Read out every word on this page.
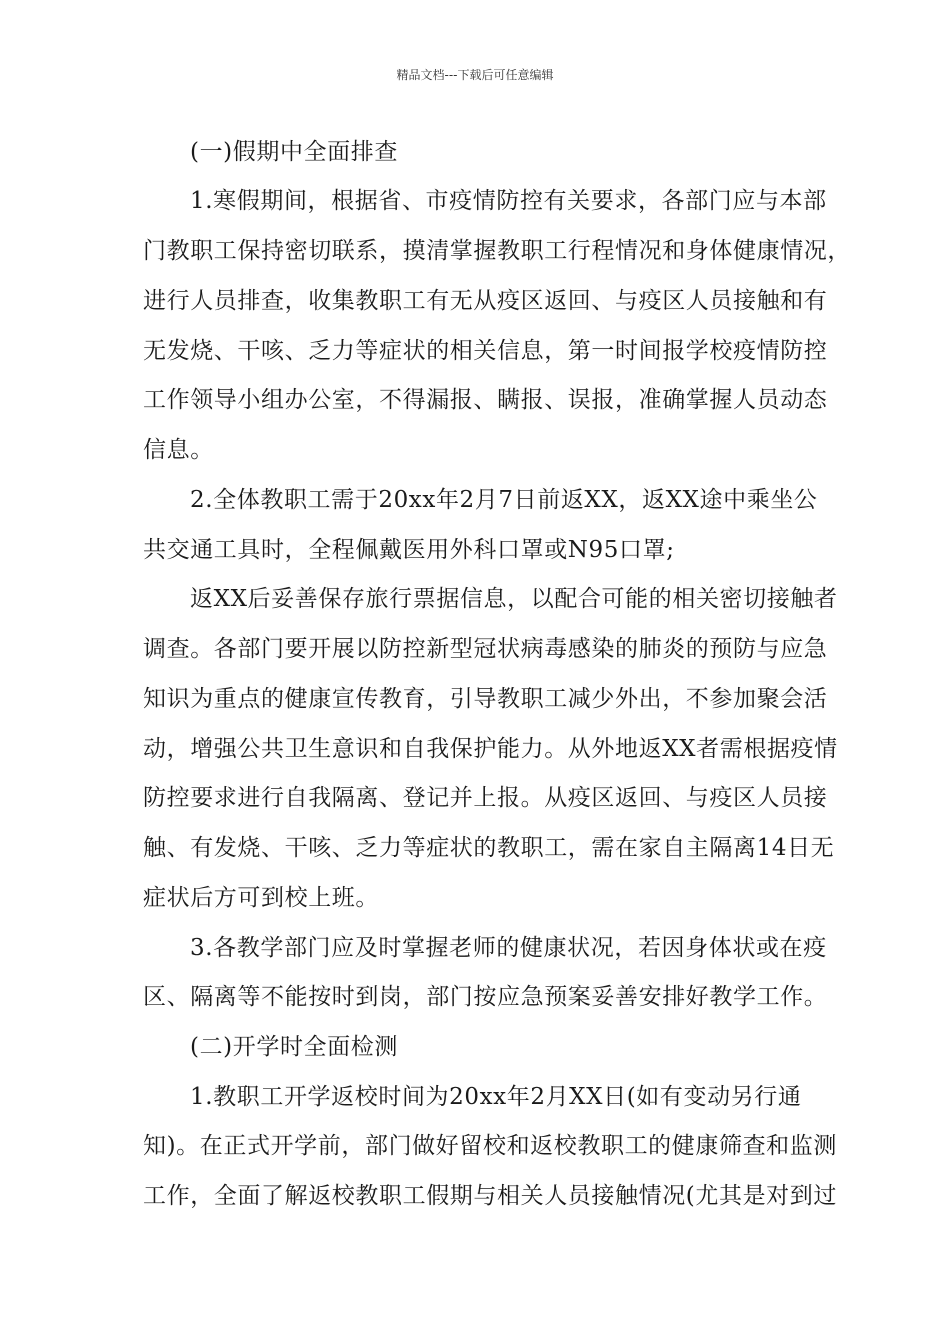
精品文档---下载后可任意编辑
(一)假期中全面排查
1.寒假期间，根据省、市疫情防控有关要求，各部门应与本部
门教职工保持密切联系，摸清掌握教职工行程情况和身体健康情况，
进行人员排查，收集教职工有无从疫区返回、与疫区人员接触和有
无发烧、干咳、乏力等症状的相关信息，第一时间报学校疫情防控
工作领导小组办公室，不得漏报、瞒报、误报，准确掌握人员动态
信息。
2.全体教职工需于20xx年2月7日前返XX，返XX途中乘坐公
共交通工具时，全程佩戴医用外科口罩或N95口罩;
返XX后妥善保存旅行票据信息，以配合可能的相关密切接触者
调查。各部门要开展以防控新型冠状病毒感染的肺炎的预防与应急
知识为重点的健康宣传教育，引导教职工减少外出，不参加聚会活
动，增强公共卫生意识和自我保护能力。从外地返XX者需根据疫情
防控要求进行自我隔离、登记并上报。从疫区返回、与疫区人员接
触、有发烧、干咳、乏力等症状的教职工，需在家自主隔离14日无
症状后方可到校上班。
3.各教学部门应及时掌握老师的健康状况，若因身体状或在疫
区、隔离等不能按时到岗，部门按应急预案妥善安排好教学工作。
(二)开学时全面检测
1.教职工开学返校时间为20xx年2月XX日(如有变动另行通
知)。在正式开学前，部门做好留校和返校教职工的健康筛查和监测
工作，全面了解返校教职工假期与相关人员接触情况(尤其是对到过
